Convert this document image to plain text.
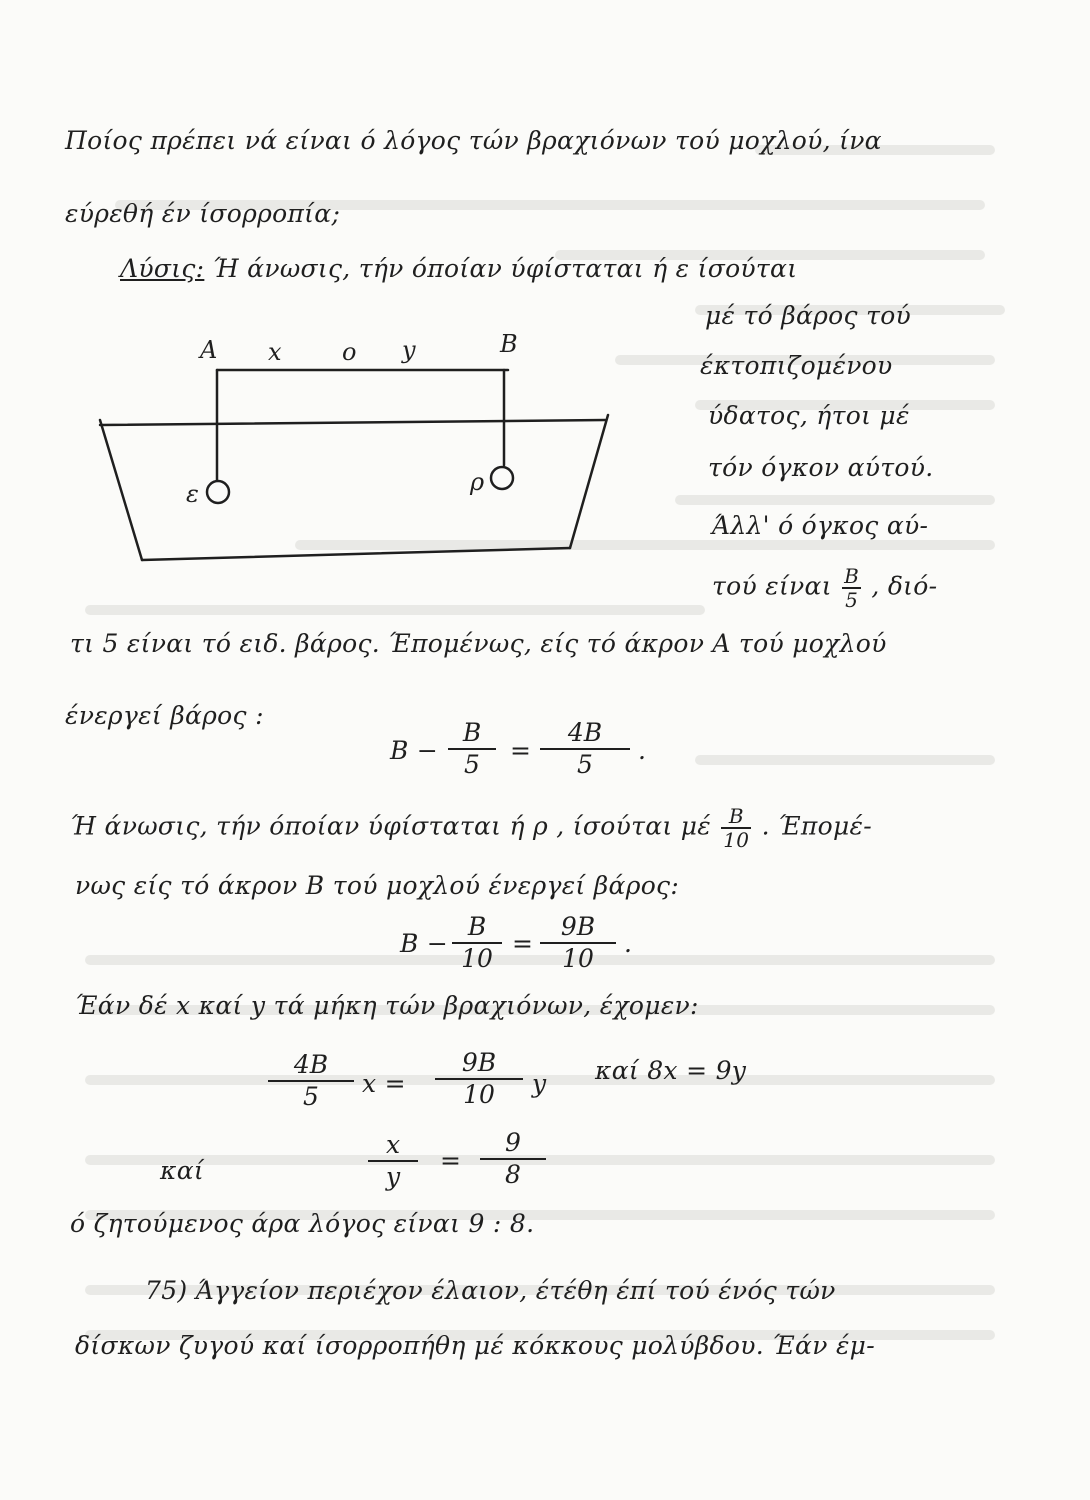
Ποίος πρέπει νά είναι ό λόγος τών βραχιόνων τού μοχλού, ίνα
εύρεθή έν ίσορροπία;
Λύσις: Ή άνωσις, τήν όποίαν ύφίσταται ή ε ίσούται
μέ τό βάρος τού
έκτοπιζομένου
ύδατος, ήτοι μέ
τόν όγκον αύτού.
Άλλ' ό όγκος αύ-
τού είναι $\frac{B}{5}$ , διό-
Α x	ο y	Β
ε	ρ
τι 5 είναι τό ειδ. βάρος. Έπομένως, είς τό άκρον Α τού μοχλού
ένεργεί βάρος :
$B - \frac{B}{5} = \frac{4B}{5}$ .
Ή άνωσις, τήν όποίαν ύφίσταται ή ρ , ίσούται μέ $\frac{B}{10}$ . Έπομέ-
νως είς τό άκρον Β τού μοχλού ένεργεί βάρος:
$B - \frac{B}{10} = \frac{9B}{10}$ .
Έάν δέ x καί y τά μήκη τών βραχιόνων, έχομεν:
$\frac{4B}{5}$ $x = \frac{9B}{10}$ y καί 8x = 9y
καί	$\frac{x}{y} = \frac{9}{8}$
ό ζητούμενος άρα λόγος είναι 9 : 8.
75) Άγγείον περιέχον έλαιον, έτέθη έπί τού ένός τών
δίσκων ζυγού καί ίσορροπήθη μέ κόκκους μολύβδου. Έάν έμ-
